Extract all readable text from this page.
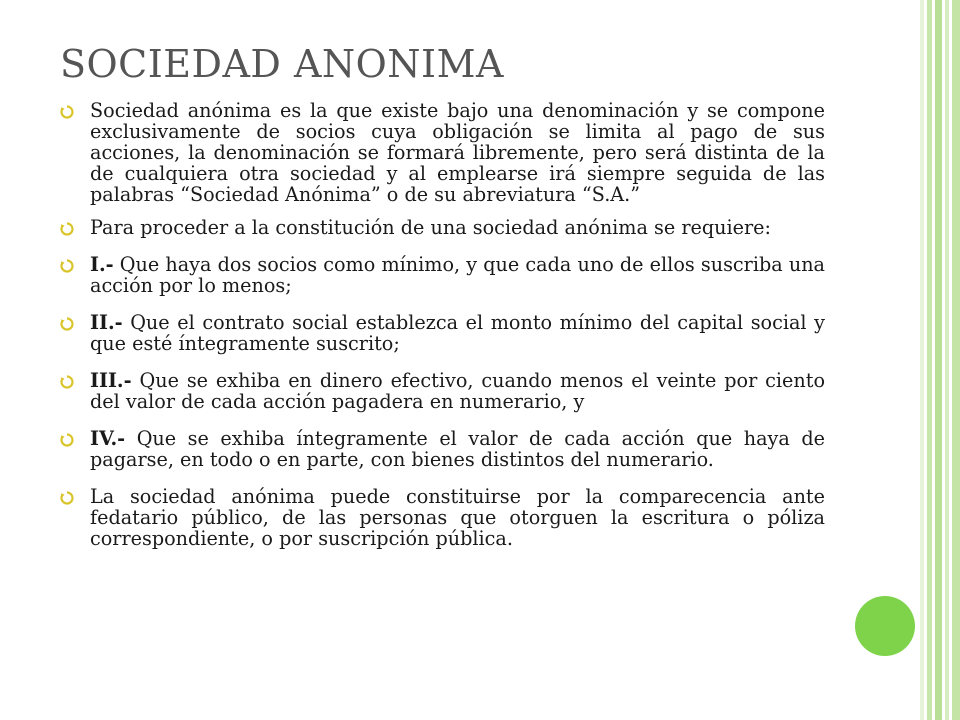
SOCIEDAD ANONIMA
Sociedad anónima es la que existe bajo una denominación y se compone exclusivamente de socios cuya obligación se limita al pago de sus acciones, la denominación se formará libremente, pero será distinta de la de cualquiera otra sociedad y al emplearse irá siempre seguida de las palabras “Sociedad Anónima” o de su abreviatura “S.A.”
Para proceder a la constitución de una sociedad anónima se requiere:
I.- Que haya dos socios como mínimo, y que cada uno de ellos suscriba una acción por lo menos;
II.- Que el contrato social establezca el monto mínimo del capital social y que esté íntegramente suscrito;
III.- Que se exhiba en dinero efectivo, cuando menos el veinte por ciento del valor de cada acción pagadera en numerario, y
IV.- Que se exhiba íntegramente el valor de cada acción que haya de pagarse, en todo o en parte, con bienes distintos del numerario.
La sociedad anónima puede constituirse por la comparecencia ante fedatario público, de las personas que otorguen la escritura o póliza correspondiente, o por suscripción pública.
